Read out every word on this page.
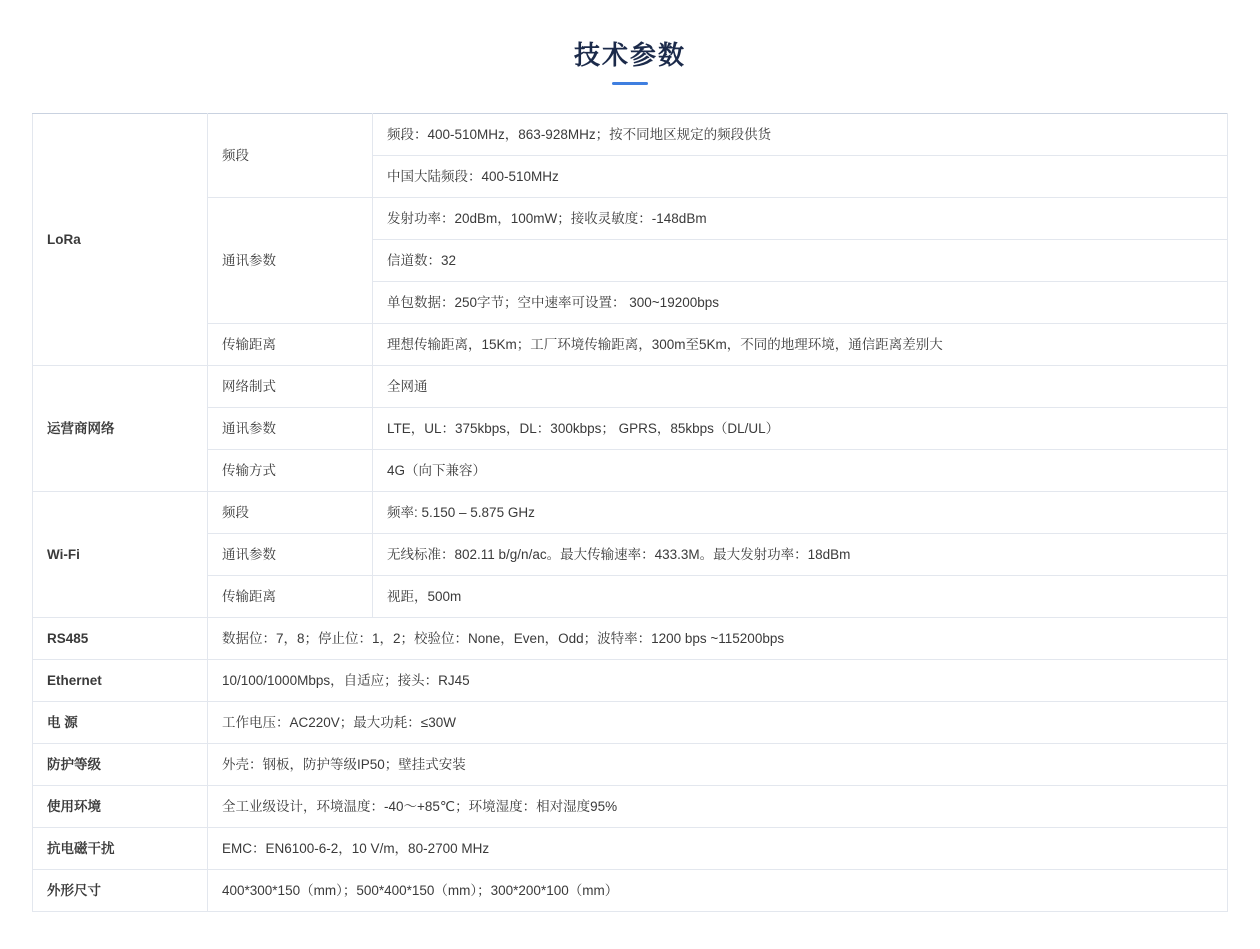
技术参数
LoRa	频段	频段：400-510MHz，863-928MHz；按不同地区规定的频段供货
		中国大陆频段：400-510MHz
	通讯参数	发射功率：20dBm，100mW；接收灵敏度：-148dBm
		信道数：32
		单包数据：250字节；空中速率可设置： 300~19200bps
	传输距离	理想传输距离，15Km；工厂环境传输距离，300m至5Km，不同的地理环境，通信距离差别大
运营商网络	网络制式	全网通
	通讯参数	LTE，UL：375kbps，DL：300kbps； GPRS，85kbps（DL/UL）
	传输方式	4G（向下兼容）
Wi-Fi	频段	频率: 5.150 – 5.875 GHz
	通讯参数	无线标准：802.11 b/g/n/ac。最大传输速率：433.3M。最大发射功率：18dBm
	传输距离	视距，500m
RS485	数据位：7，8；停止位：1，2；校验位：None，Even，Odd；波特率：1200 bps ~115200bps	
Ethernet	10/100/1000Mbps，自适应；接头：RJ45	
电 源	工作电压：AC220V；最大功耗：≤30W	
防护等级	外壳：钢板，防护等级IP50；壁挂式安装	
使用环境	全工业级设计，环境温度：-40～+85℃；环境湿度：相对湿度95%	
抗电磁干扰	EMC：EN6100-6-2，10 V/m，80-2700 MHz	
外形尺寸	400*300*150（mm）；500*400*150（mm）；300*200*100（mm）	
